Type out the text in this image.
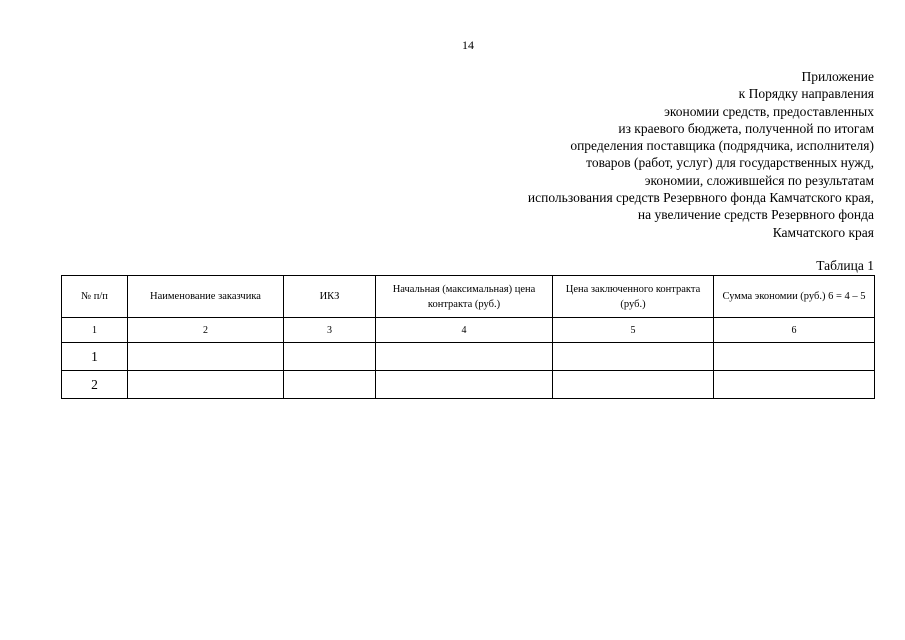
14
Приложение
к Порядку направления
экономии средств, предоставленных
из краевого бюджета, полученной по итогам
определения поставщика (подрядчика, исполнителя)
товаров (работ, услуг) для государственных нужд,
экономии, сложившейся по результатам
использования средств Резервного фонда Камчатского края,
на увеличение средств Резервного фонда
Камчатского края
Таблица 1
№ п/п	Наименование заказчика	ИКЗ	Начальная (максимальная) цена контракта (руб.)	Цена заключенного контракта (руб.)	Сумма экономии (руб.) 6 = 4 – 5
1	2	3	4	5	6
1					
2					
